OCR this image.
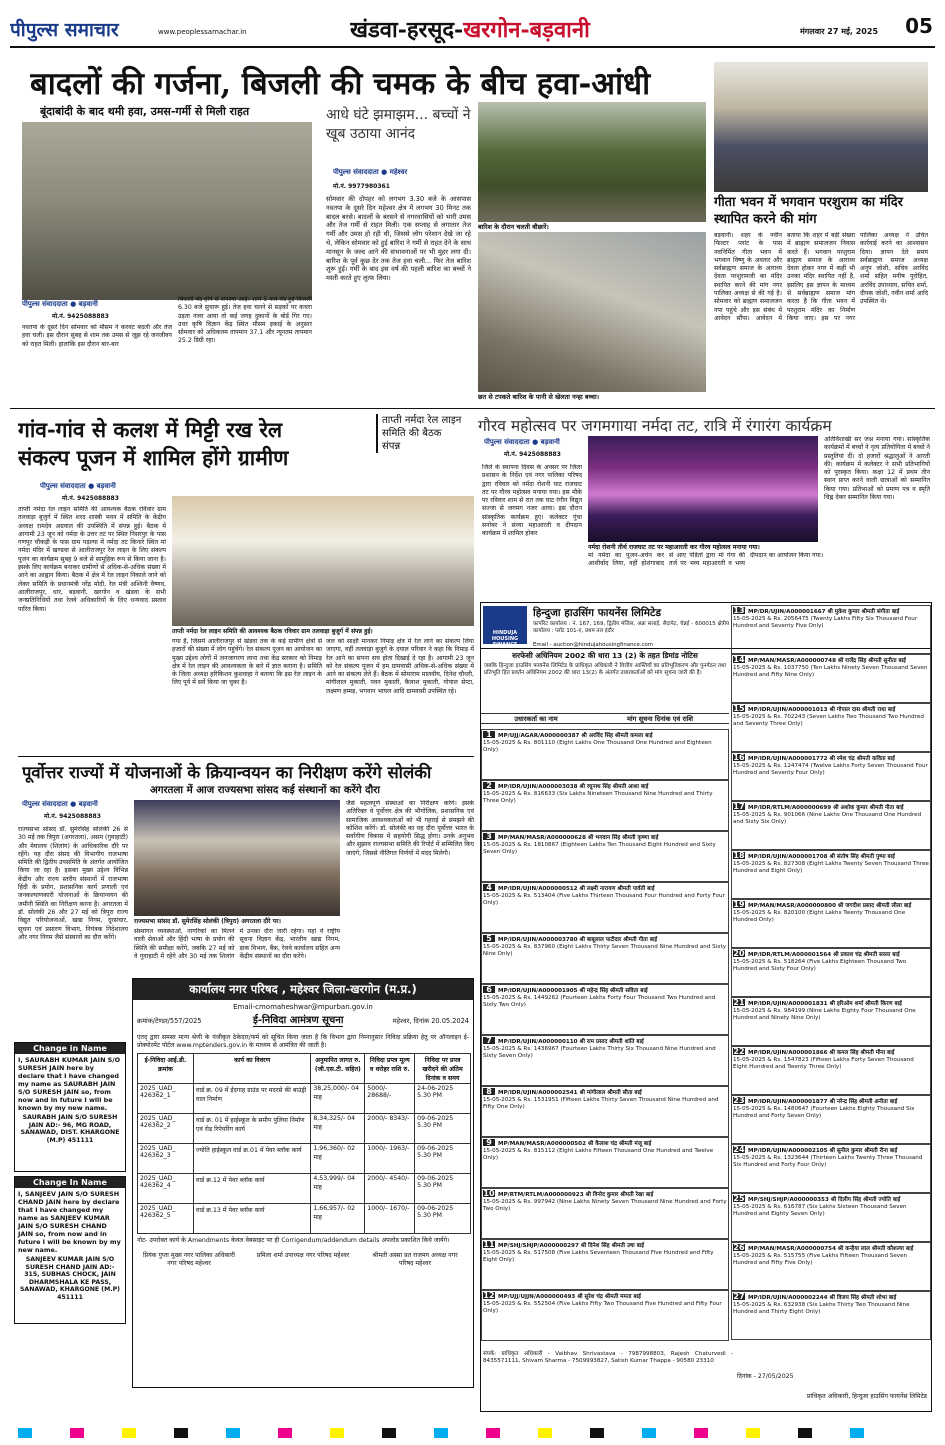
पीपुल्स समाचार	www.peoplessamachar.in	खंडवा-हरसूद-खरगोन-बड़वानी	मंगलवार 27 मई, 2025 05
बादलों की गर्जना, बिजली की चमक के बीच हवा-आंधी
बूंदाबांदी के बाद थमी हवा, उमस-गर्मी से मिली राहत
पीपुल्स संवाददाता ● बड़वानी
मो.नं. 9425088883
नवतपा के दूसरे दिन सोमवार को मौसम ने करवट बदली और तेज हवा चली। इस दौरान सुबह से शाम तक उमस से जूझ रहे जनजीवन को राहत मिली। हालांकि इस दौरान बार-बार
बिजली बंद होने से समस्या आई। शाम 5 बजे बंद हुई बिजली 6.30 बजे सुचारू हुई। तेज हवा चलने से सड़कों पर कचरा उड़ता नजर आया तो कई जगह दुकानों के बोर्ड गिर गए। उधर कृषि विज्ञान केंद्र स्थित मौसम इकाई के अनुसार सोमवार को अधिकतम तापमान 37.1 और न्यूनतम तापमान 25.2 डिग्री रहा।
आधे घंटे झमाझम... बच्चों ने खूब उठाया आनंद
पीपुल्स संवाददाता ● महेश्वर
मो.नं. 9977980361
सोमवार की दोपहर को लगभग 3.30 बजे के आसपास नवतपा के दूसरे दिन महेश्वर क्षेत्र में लगभग 30 मिनट तक बादल बरसे। बादलों के बरसने से नगरवासियों को भारी उमस और तेज गर्मी से राहत मिली। एक सप्ताह से लगातार तेज गर्मी और उमस हो रही थी, जिससे लोग परेशान देखे जा रहे थे, लेकिन सोमवार को हुई बारिश ने गर्मी से राहत देने के साथ मानसून के जल्द आने की संभावनाओं पर भी मुहर लगा दी। बारिश के पूर्व कुछ देर तक तेज हवा चली... फिर तेज बारिश शुरू हुई। गर्मी के बाद इस वर्ष की पहली बारिश का बच्चों ने मस्ती करते हुए लुत्फ लिया।
बारिश के दौरान चलती बौछारें।
छत से टपकते बारिश के पानी से खेलता नन्हा बच्चा।
गीता भवन में भगवान परशुराम का मंदिर स्थापित करने की मांग
बड़वानी। शहर के नवीन फिल्टर प्लांट के पास नवनिर्मित गीता भवन में भगवान विष्णु के अवतार और सर्वब्राह्मण समाज के आराध्य देवता परशुरामजी का मंदिर स्थापित करने की मांग नगर पालिका अध्यक्ष से की गई है। सोमवार को ब्राह्मण समाजजन नपा पहुंचे और इस संबंध में आवेदन सौंपा। आवेदन में बताया कि शहर में बड़ी संख्या में ब्राह्मण समाजजन निवास करते हैं। भगवान परशुराम ब्राह्मण समाज के आराध्य देवता होकर नगर में कहीं भी उनका मंदिर स्थापित नहीं है, इसलिए इस ज्ञापन के माध्यम से सर्वब्राह्मण समाज मांग करता है कि गीता भवन में परशुराम मंदिर का निर्माण किया जाए। इस पर नगर पालिका अध्यक्ष ने उचित कार्रवाई करने का आश्वासन दिया। ज्ञापन देते समय सर्वब्राह्मण समाज अध्यक्ष अनूप जोशी, सचिव अरविंद शर्मा सहित मनीष पुरोहित, अरविंद उपाध्याय, सचिन शर्मा, दीपक जोशी, नवीन शर्मा आदि उपस्थित थे।
गांव-गांव से कलश में मिट्टी रख रेल
संकल्प पूजन में शामिल होंगे ग्रामीण
ताप्ती नर्मदा रेल लाइन समिति की बैठक संपन्न
पीपुल्स संवाददाता ● बड़वानी
मो.नं. 9425088883
ताप्ती नर्मदा रेल लाइन समिति की आवश्यक बैठक रविवार ग्राम तलवाड़ा बुजुर्ग में स्थित शरद शास्त्री भवन में समिति के केंद्रीय अध्यक्ष रामदेव अग्रवाल की उपस्थिति में संपन्न हुई। बैठक में आगामी 23 जून को नर्मदा के उत्तर तट पर स्थित निसरपुर के पास गणपुर चौकड़ी के पास ग्राम पड़ल्या में नर्मदा तट किनारे स्थित मां नर्मदा मंदिर में खण्डवा से आलीराजपुर रेल लाइन के लिए संकल्प पूजन का कार्यक्रम सुबह 9 बजे से सामूहिक रूप से किया जाना है। इसके लिए कार्यक्रम बनाकर ग्रामीणों से अधिक-से-अधिक संख्या में आने का आह्वान किया। बैठक में क्षेत्र में रेल लाइन निकाले जाने को लेकर समिति के प्रधानमंत्री नरेंद्र मोदी, रेल मंत्री अश्विनी वैष्णव, आलीराजपुर, धार, बड़वानी, खरगोन व खंडवा के सभी जनप्रतिनिधियों तथा रेलवे अधिकारियों के लिए धन्यवाद प्रस्ताव पारित किया।
ताप्ती नर्मदा रेल लाइन समिति की आवश्यक बैठक रविवार ग्राम तलवाड़ा बुजुर्ग में संपन्न हुई।
गया है, जिसमें आलीराजपुर से खंडवा तक के कई ग्रामीण क्षेत्रों से हजारों की संख्या में लोग पहुंचेंगे। रेल संकल्प पूजन का आयोजन का मुख्य उद्देश्य लोगों में जनजागरण लाना तथा केंद्र सरकार को निमाड़ क्षेत्र में रेल लाइन की आवश्यकता के बारे में ज्ञात कराना है। समिति के जिला अध्यक्ष हरिकिशन कुशवाहा ने बताया कि इस रेल लाइन के लिए पूर्व में सर्वे किया जा चुका है।
जल को साक्षी मानकर निमाड़ क्षेत्र में रेल लाने का संकल्प लिया जाएगा, वहीं तलवाड़ा बुजुर्ग के दयाल परिवार ने कहा कि निमाड़ में रेल आने का सपना सच होता दिखाई दे रहा है। आगामी 23 जून को रेल संकल्प पूजन में हम ग्रामवासी अधिक-से-अधिक संख्या में आने का संकल्प लेते हैं। बैठक में सोमाराम मालवीय, दिनेश चौधरी, मांगीलाल मुकाती, पवन मुकाती, कैलाश मुकाती, गोपाल सेप्टा, लक्ष्मण हम्मड़, भगवान भायल आदि ग्रामवासी उपस्थित रहे।
गौरव महोत्सव पर जगमगाया नर्मदा तट, रात्रि में रंगारंग कार्यक्रम
पीपुल्स संवाददाता ● बड़वानी
मो.नं. 9425088883
जिले के स्थापना दिवस के अवसर पर जिला प्रशासन के निर्देश एवं नगर पालिका परिषद द्वारा रविवार को नर्मदा रोशनी घाट राजघाट तट पर गौरव महोत्सव मनाया गया। इस मौके पर रविवार शाम से रात तक घाट रंगीन विद्युत सज्जा से जगमग नजर आया। इस दौरान सांस्कृतिक कार्यक्रम हुए। कलेक्टर गुंचा सनोबर ने संध्या महाआरती व दीपदान कार्यक्रम में शामिल होकर
नर्मदा रोशनी तीर्थ राजघाट तट पर महाआरती कर गौरव महोत्सव मनाया गया।
मां नर्मदा का पूजन-अर्चन कर आशीर्वाद लिया, वहीं होशंगाबाद से आए पंडितों द्वारा मां गंगा की तर्ज पर भव्य महाआरती व भव्य दीपदान का आयोजन किया गया।
अतिविशाखी सर जश्न मनाया गया। सांस्कृतिक कार्यक्रमों में बच्चों ने नृत्य प्रतियोगिता में बच्चों ने प्रस्तुतियां दीं। दो हजारों श्रद्धालुओं ने आरती की। कार्यक्रम में कलेक्टर ने सभी प्रतिभागियों को पुरस्कृत किया। कक्षा 12 में प्रथम तीन स्थान प्राप्त करने वाली छात्राओं को सम्मानित किया गया। प्रतिभाओं को प्रमाण पत्र व स्मृति चिह्न देकर सम्मानित किया गया।
पूर्वोत्तर राज्यों में योजनाओं के क्रियान्वयन का निरीक्षण करेंगे सोलंकी
अगरतला में आज राज्यसभा सांसद कई संस्थानों का करेंगे दौरा
पीपुल्स संवाददाता ● बड़वानी
मो.नं. 9425088883
राज्यसभा सांसद डॉ. सुमेरसिंह सोलंकी 26 से 30 मई तक त्रिपुरा (अगरतला), असम (गुवाहाटी) और मेघालय (शिलांग) के आधिकारिक दौरे पर रहेंगे। यह दौरा संसद की विभागीय राजभाषा समिति की द्वितीय उपसमिति के अंतर्गत आयोजित किया जा रहा है। इसका मुख्य उद्देश्य विभिन्न केंद्रीय और राज्य स्तरीय संस्थानों में राजभाषा हिंदी के प्रयोग, प्रशासनिक कार्य प्रणाली एवं जनकल्याणकारी योजनाओं के क्रियान्वयन की जमीनी स्थिति का निरीक्षण करना है। अगरतला में डॉ. सोलंकी 26 और 27 मई को त्रिपुरा राज्य विद्युत परियोजनाओं, खाद्य निगम, दूरसंचार, सूचना एवं प्रसारण विभाग, नियंत्रक निदेशालय और नगर निगम जैसे संस्थानों का दौरा करेंगे।
राज्यसभा सांसद डॉ. सुमेरसिंह सोलंकी (त्रिपुरा) अगरतला दौरे पर।
संस्थागत व्यवस्थाओं, नागरिकों का मिलने वाली सेवाओं और हिंदी भाषा के प्रयोग की स्थिति की समीक्षा करेंगे, जबकि 27 मई को वे गुवाहाटी में रहेंगे और 30 मई तक शिलांग में उनका दौरा जारी रहेगा। यहां वे राष्ट्रीय सूचना विज्ञान केंद्र, भारतीय खाद्य निगम, डाक विभाग, बैंक, रेलवे कार्यालय सहित अन्य केंद्रीय संस्थानों का दौरा करेंगे।
जैसे महत्वपूर्ण संस्थाओं का निरीक्षण करेंगे। इसके अतिरिक्त वे पूर्वोत्तर क्षेत्र की भौगोलिक, प्रशासनिक एवं सामाजिक आवश्यकताओं को भी गहराई से समझने की कोशिश करेंगे। डॉ. सोलंकी का यह दौरा पूर्वोत्तर भारत के सर्वांगीण विकास में सहयोगी सिद्ध होगा। उनके अनुभव और सुझाव राज्यसभा समिति की रिपोर्ट में सम्मिलित किए जाएंगे, जिससे नीतिगत निर्णयों में मदद मिलेगी।
Change in Name
I, SAURABH KUMAR JAIN S/O SURESH JAIN here by declare that I have changed my name as SAURABH JAIN S/O SURESH JAIN so, from now and in future I will be known by my new name.
SAURABH JAIN S/O SURESH JAIN AD:- 96, MG ROAD, SANAWAD, DIST. KHARGONE (M.P) 451111
Change In Name
I, SANJEEV JAIN S/O SURESH CHAND JAIN here by declare that I have changed my name as SANJEEV KUMAR JAIN S/O SURESH CHAND JAIN so, from now and in future I will be known by my new name.
SANJEEV KUMAR JAIN S/O SURESH CHAND JAIN AD:- 315, SUBHAS CHOCK, JAIN DHARMSHALA KE PASS, SANAWAD, KHARGONE (M.P) 451111
कार्यालय नगर परिषद , महेश्वर जिला-खरगोन (म.प्र.)
Email-cmomaheshwar@mpurban.gov.in
क्रमांक/टेण्डर/557/2025	ई-निविदा आमंत्रण सूचना	महेश्वर, दिनांक 20.05.2024
एतद् द्वारा समस्त मान्य श्रेणी के पंजीकृत ठेकेदार/फर्म को सूचित किया जाता है कि विभाग द्वारा निम्नानुसार निविदा प्रक्रिया हेतु पर ऑनलाइन ई-प्रोक्योरमेंट पोर्टल www.mptenders.gov.in के माध्यम से आमंत्रित की जाती है।
ई-निविदा आई.डी. क्रमांक	कार्य का विवरण	अनुमानित लागत रु. (जी.एस.टी. सहित)	निविदा प्रपत्र मूल्य व धरोहर राशि रु.	निविदा पर प्रपत्र खरीदने की अंतिम दिनांक व समय
2025_UAD_ 426362_1	वार्ड क्र. 09 में ईदगाह ग्राउंड पर मदरसे की बाउंड्री वाल निर्माण	38,25,000/- 04 माह	5000/- 28688/-	24-06-2025 5.30 PM
2025_UAD_ 426362_2	वार्ड क्र. 01 में हाईस्कूल के समीप पुलिया निर्माण एवं रोड रिपेयरिंग कार्य	8,34,325/- 04 माह	2000/- 8343/-	09-06-2025 5.30 PM
2025_UAD_ 426362_3	ज्योति हाईस्कूल वार्ड क्र.01 में पेवर ब्लॉक कार्य	1,96,360/- 02 माह	1000/- 1963/-	09-06-2025 5.30 PM
2025_UAD_ 426362_4	वार्ड क्र.12 में पेवर ब्लॉक कार्य	4,53,999/- 04 माह	2000/- 4540/-	09-06-2025 5.30 PM
2025_UAD_ 426362_5	वार्ड क्र.13 में पेवर ब्लॉक कार्य	1,66,957/- 02 माह	1000/- 1670/-	09-06-2025 5.30 PM
नोट- उपरोक्त कार्य के Amendments केवल वेबसाइट पर ही Corrigendum/addendum details अपलोड प्रकाशित किये जायेंगे।
प्रियंक गुप्ता मुख्य नगर पालिका अधिकारी नगर परिषद महेश्वर
प्रमिला शर्मा उपाध्यक्ष नगर परिषद महेश्वर	श्रीमती अस्सा प्रत राजमय अध्यक्ष नगर परिषद महेश्वर
HINDUJA HOUSING FINANCE
हिन्दुजा हाउसिंग फायनेंस लिमिटेड
कार्पोरेट कार्यालय : नं. 167, 169, द्वितीय मंजिल, अन्ना सलाई, सैदापेट, चेन्नई - 600015 क्षेत्रीय कार्यालय : प्लॉट 101-ए, प्रथम तल इंदौर
Email - auction@hindujahousingfinance.com
सरफेसी अधिनियम 2002 की धारा 13 (2) के तहत डिमांड नोटिस
जबकि हिन्दुजा हाउसिंग फायनेंस लिमिटेड के प्राधिकृत अधिकारी ने वित्तीय आस्तियों का प्रतिभूतिकरण और पुनर्गठन तथा प्रतिभूति हित प्रवर्तन अधिनियम 2002 की धारा 13(2) के अंतर्गत उधारकर्ताओं को मांग सूचना जारी की है।
उधारकर्ता का नाम	मांग सूचना दिनांक एवं राशि
1 MP/UJJ/AGAR/A000000387 श्री अरविंद सिंह श्रीमती कमला बाई
15-05-2025 & Rs. 801110 (Eight Lakhs One Thousand One Hundred and Eighteen Only)
2 MP/IDR/UJIN/A000003038 श्री रघुनाथ सिंह श्रीमती आशा बाई
15-05-2025 & Rs. 816633 (Six Lakhs Nineteen Thousand Nine Hundred and Thirty Three Only)
3 MP/MAN/MASR/A000000628 श्री भगवान सिंह श्रीमती कृष्णा बाई
15-05-2025 & Rs. 1810867 (Eighteen Lakhs Ten Thousand Eight Hundred and Sixty Seven Only)
4 MP/IDR/UJIN/A000000512 श्री लक्ष्मी नारायण श्रीमती पार्वती बाई
15-05-2025 & Rs. 513404 (Five Lakhs Thirteen Thousand Four Hundred and Forty Four Only)
5 MP/IDR/UJIN/A000003780 श्री बाबूलाल पाटीदार श्रीमती गीता बाई
15-05-2025 & Rs. 837960 (Eight Lakhs Thirty Seven Thousand Nine Hundred and Sixty Nine Only)
6 MP/IDR/UJIN/A000001905 श्री महेन्द्र सिंह श्रीमती सविता बाई
15-05-2025 & Rs. 1449262 (Fourteen Lakhs Forty Four Thousand Two Hundred and Sixty Two Only)
7 MP/IDR/UJIN/A000000110 श्री राम प्रसाद श्रीमती शांति बाई
15-05-2025 & Rs. 1436967 (Fourteen Lakhs Thirty Six Thousand Nine Hundred and Sixty Seven Only)
8 MP/IDR/UJIN/A000002541 श्री मांगीलाल श्रीमती सीता बाई
15-05-2025 & Rs. 1531951 (Fifteen Lakhs Thirty Seven Thousand Nine Hundred and Fifty One Only)
9 MP/MAN/MASR/A000000502 श्री कैलाश चंद्र श्रीमती मंजू बाई
15-05-2025 & Rs. 815112 (Eight Lakhs Fifteen Thousand One Hundred and Twelve Only)
10 MP/RTM/RTLM/A000000923 श्री विनोद कुमार श्रीमती रेखा बाई
15-05-2025 & Rs. 997942 (Nine Lakhs Ninety Seven Thousand Nine Hundred and Forty Two Only)
11 MP/SHJ/SHJP/A000000297 श्री दिनेश सिंह श्रीमती उषा बाई
15-05-2025 & Rs. 517508 (Five Lakhs Seventeen Thousand Five Hundred and Fifty Eight Only)
12 MP/UJJ/UJJN/A000000493 श्री सुरेश चंद्र श्रीमती ममता बाई
15-05-2025 & Rs. 552504 (Five Lakhs Fifty Two Thousand Five Hundred and Fifty Four Only)
13 MP/DR/UJIN/A000001667 श्री मुकेश कुमार श्रीमती संगीता बाई
15-05-2025 & Rs. 2056475 (Twenty Lakhs Fifty Six Thousand Four Hundred and Seventy Five Only)
14 MP/MAN/MASR/A000000748 श्री राजेंद्र सिंह श्रीमती सुनीता बाई
15-05-2025 & Rs. 1037750 (Ten Lakhs Ninety Seven Thousand Seven Hundred and Fifty Nine Only)
15 MP/IDR/UJIN/A000001013 श्री गोपाल दास श्रीमती राधा बाई
15-05-2025 & Rs. 702243 (Seven Lakhs Two Thousand Two Hundred and Seventy Three Only)
16 MP/IDR/UJIN/A000001772 श्री रमेश चंद्र श्रीमती कविता बाई
15-05-2025 & Rs. 1247474 (Twelve Lakhs Forty Seven Thousand Four Hundred and Seventy Four Only)
17 MP/IDR/RTLM/A000000699 श्री अशोक कुमार श्रीमती नीता बाई
15-05-2025 & Rs. 901066 (Nine Lakhs One Thousand One Hundred and Sixty Six Only)
18 MP/IDR/UJIN/A000001708 श्री संतोष सिंह श्रीमती पुष्पा बाई
15-05-2025 & Rs. 827308 (Eight Lakhs Twenty Seven Thousand Three Hundred and Eight Only)
19 MP/MAN/MASR/A000000800 श्री जगदीश प्रसाद श्रीमती लीला बाई
15-05-2025 & Rs. 820100 (Eight Lakhs Twenty Thousand One Hundred Only)
20 MP/IDR/RTLM/A000001564 श्री प्रकाश चंद्र श्रीमती सरला बाई
15-05-2025 & Rs. 518264 (Five Lakhs Eighteen Thousand Two Hundred and Sixty Four Only)
21 MP/IDR/UJIN/A000001831 श्री हरिओम शर्मा श्रीमती किरण बाई
15-05-2025 & Rs. 984199 (Nine Lakhs Eighty Four Thousand One Hundred and Ninety Nine Only)
22 MP/IDR/UJIN/A000001866 श्री कमल सिंह श्रीमती मीना बाई
15-05-2025 & Rs. 1547823 (Fifteen Lakhs Forty Seven Thousand Eight Hundred and Twenty Three Only)
23 MP/IDR/UJIN/A000001877 श्री नरेन्द्र सिंह श्रीमती अनीता बाई
15-05-2025 & Rs. 1480647 (Fourteen Lakhs Eighty Thousand Six Hundred and Forty Seven Only)
24 MP/IDR/UJIN/A000002105 श्री सुनील कुमार श्रीमती रीना बाई
15-05-2025 & Rs. 1323644 (Thirteen Lakhs Twenty Three Thousand Six Hundred and Forty Four Only)
25 MP/SHJ/SHJP/A000000353 श्री दिलीप सिंह श्रीमती ज्योति बाई
15-05-2025 & Rs. 616787 (Six Lakhs Sixteen Thousand Seven Hundred and Eighty Seven Only)
26 MP/MAN/MASR/A000000754 श्री कन्हैया लाल श्रीमती कौशल्या बाई
15-05-2025 & Rs. 515755 (Five Lakhs Fifteen Thousand Seven Hundred and Fifty Five Only)
27 MP/IDR/UJIN/A000002244 श्री विजय सिंह श्रीमती शोभा बाई
15-05-2025 & Rs. 632938 (Six Lakhs Thirty Two Thousand Nine Hundred and Thirty Eight Only)
संपर्क: प्राधिकृत अधिकारी - Vaibhav Shrivastava - 7987998803, Rajesh Chaturvedi - 8435571111, Shivam Sharma - 7509993827, Satish Kumar Thappa - 90580 23310
दिनांक - 27/05/2025
प्राधिकृत अधिकारी, हिन्दुजा हाउसिंग फायनेंस लिमिटेड
